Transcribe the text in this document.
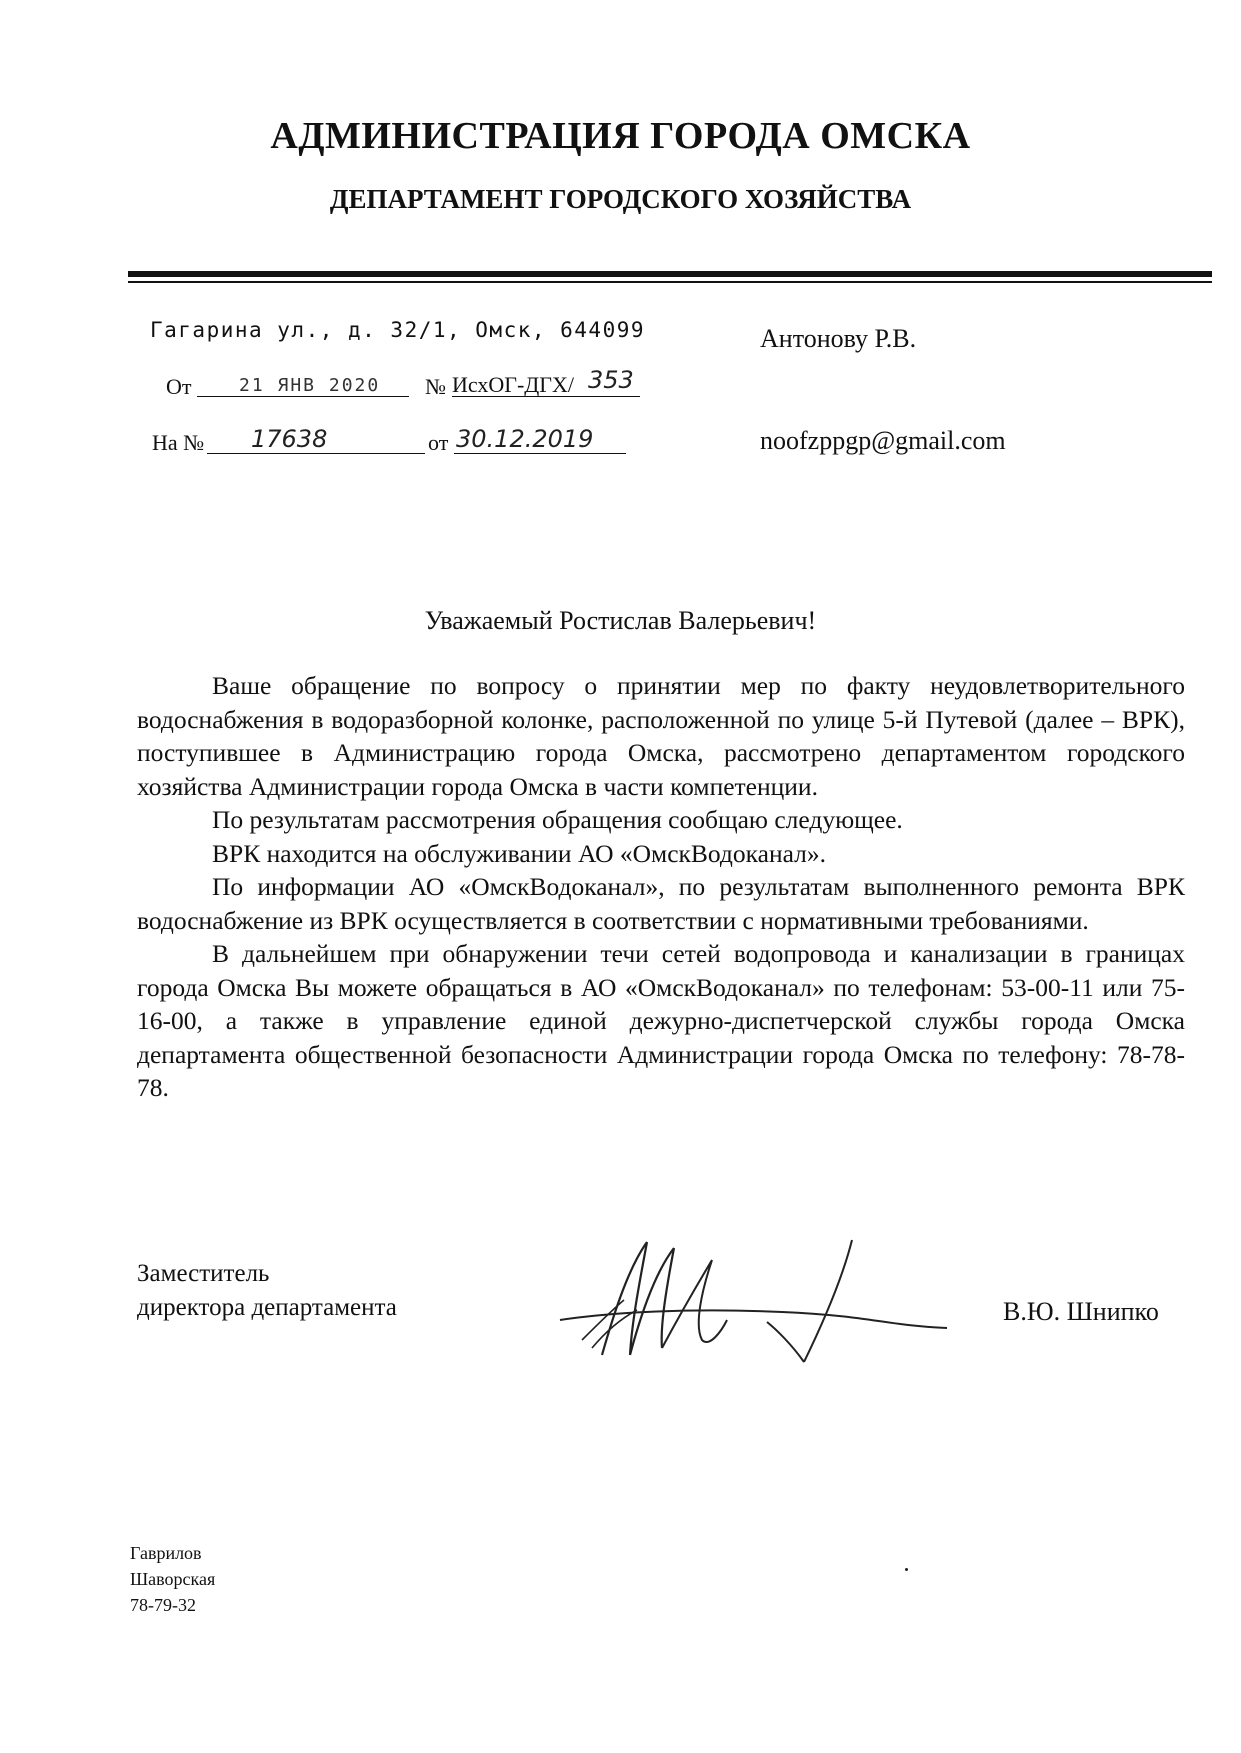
АДМИНИСТРАЦИЯ ГОРОДА ОМСКА
ДЕПАРТАМЕНТ ГОРОДСКОГО ХОЗЯЙСТВА
Гагарина ул., д. 32/1, Омск, 644099
От	21 ЯНВ 2020 № ИсхОГ-ДГХ/ 353
На № 17638	от 30.12.2019
Антонову Р.В.
noofzppgp@gmail.com
Уважаемый Ростислав Валерьевич!

Ваше обращение по вопросу о принятии мер по факту неудовлетворительного водоснабжения в водоразборной колонке, расположенной по улице 5-й Путевой (далее – ВРК), поступившее в Администрацию города Омска, рассмотрено департаментом городского хозяйства Администрации города Омска в части компетенции.

По результатам рассмотрения обращения сообщаю следующее.

ВРК находится на обслуживании АО «ОмскВодоканал».

По информации АО «ОмскВодоканал», по результатам выполненного ремонта ВРК водоснабжение из ВРК осуществляется в соответствии с нормативными требованиями.

В дальнейшем при обнаружении течи сетей водопровода и канализации в границах города Омска Вы можете обращаться в АО «ОмскВодоканал» по телефонам: 53-00-11 или 75-16-00, а также в управление единой дежурно-диспетчерской службы города Омска департамента общественной безопасности Администрации города Омска по телефону: 78-78-78.

Заместитель
директора департамента	В.Ю. Шнипко
Гаврилов
Шаворская
78-79-32
